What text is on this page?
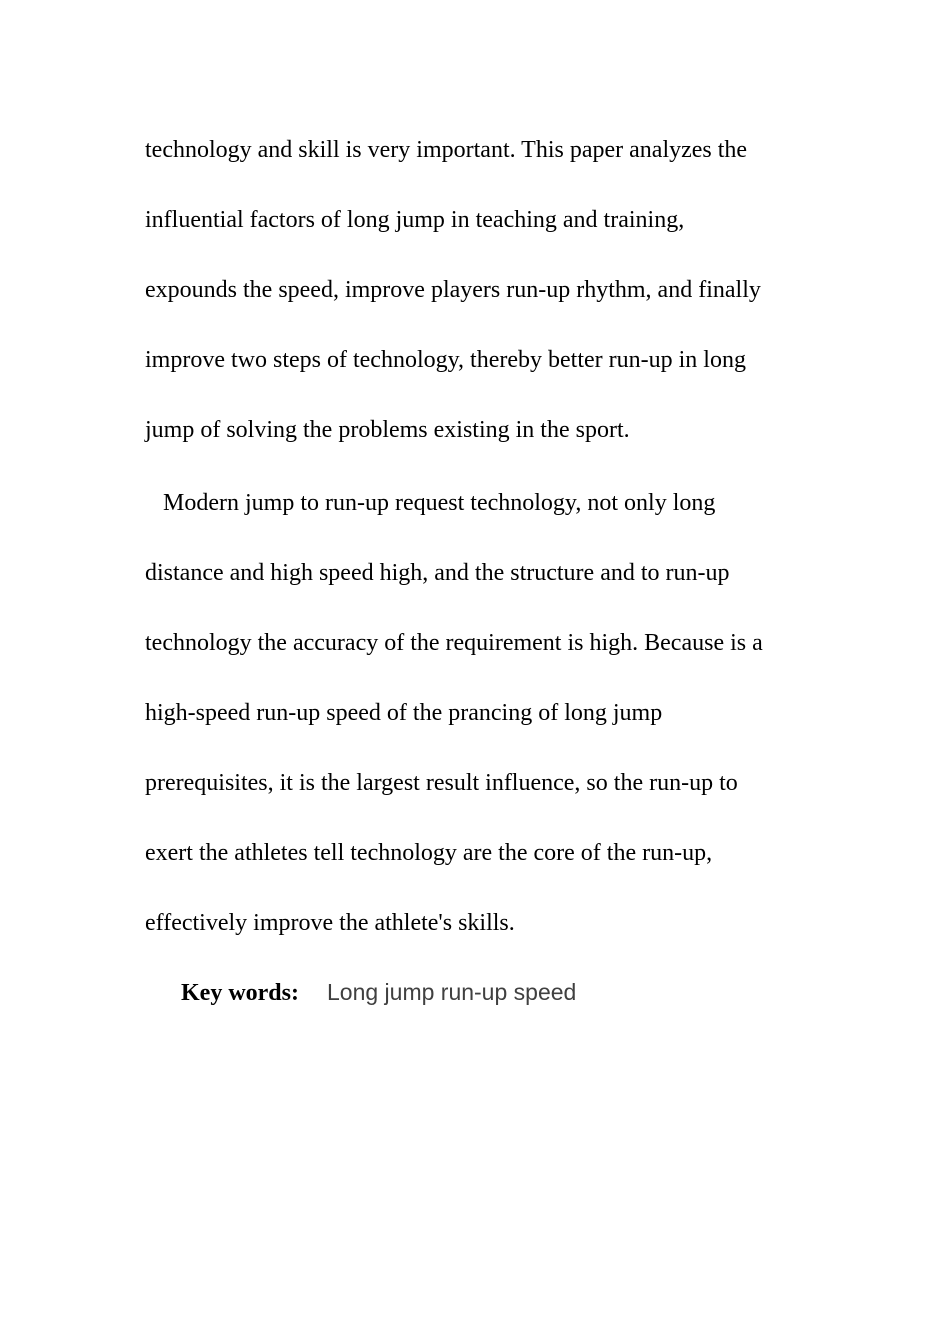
technology and skill is very important. This paper analyzes the
influential factors of long jump in teaching and training,
expounds the speed, improve players run-up rhythm, and finally
improve two steps of technology, thereby better run-up in long
jump of solving the problems existing in the sport.
Modern jump to run-up request technology, not only long
distance and high speed high, and the structure and to run-up
technology the accuracy of the requirement is high. Because is a
high-speed run-up speed of the prancing of long jump
prerequisites, it is the largest result influence, so the run-up to
exert the athletes tell technology are the core of the run-up,
effectively improve the athlete's skills.
Key words: Long jump run-up speed
